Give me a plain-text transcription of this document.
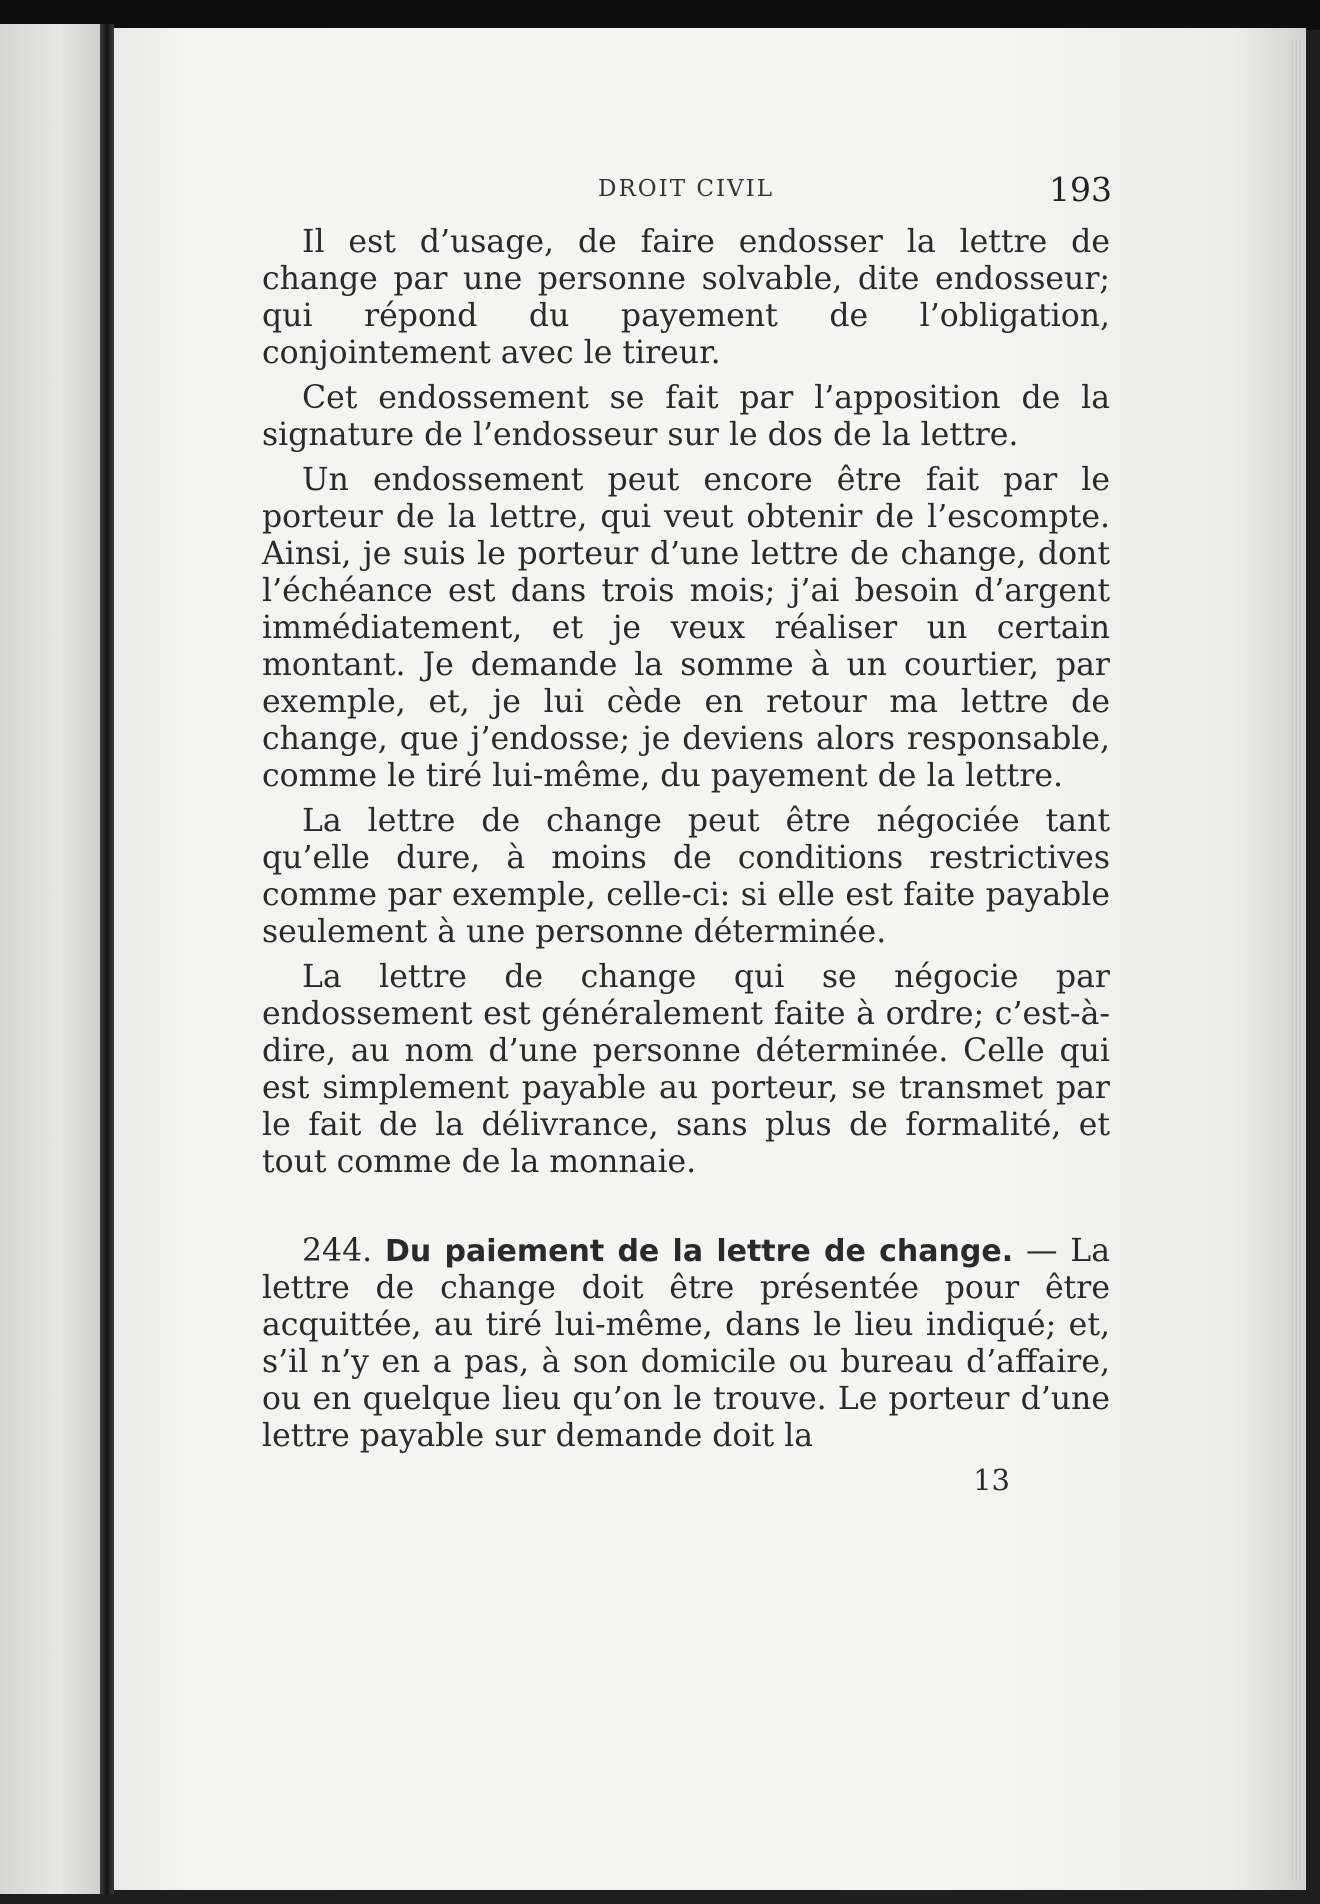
DROIT CIVIL	193

Il est d’usage, de faire endosser la lettre de change par une personne solvable, dite endosseur; qui répond du payement de l’obligation, conjointement avec le tireur.

Cet endossement se fait par l’apposition de la signature de l’endosseur sur le dos de la lettre.

Un endossement peut encore être fait par le porteur de la lettre, qui veut obtenir de l’escompte. Ainsi, je suis le porteur d’une lettre de change, dont l’échéance est dans trois mois; j’ai besoin d’argent immédiatement, et je veux réaliser un certain montant. Je demande la somme à un courtier, par exemple, et, je lui cède en retour ma lettre de change, que j’endosse; je deviens alors responsable, comme le tiré lui-même, du payement de la lettre.

La lettre de change peut être négociée tant qu’elle dure, à moins de conditions restrictives comme par exemple, celle-ci: si elle est faite payable seulement à une personne déterminée.

La lettre de change qui se négocie par endossement est généralement faite à ordre; c’est-à-dire, au nom d’une personne déterminée. Celle qui est simplement payable au porteur, se transmet par le fait de la délivrance, sans plus de formalité, et tout comme de la monnaie.

244. Du paiement de la lettre de change. — La lettre de change doit être présentée pour être acquittée, au tiré lui-même, dans le lieu indiqué; et, s’il n’y en a pas, à son domicile ou bureau d’affaire, ou en quelque lieu qu’on le trouve. Le porteur d’une lettre payable sur demande doit la

13
